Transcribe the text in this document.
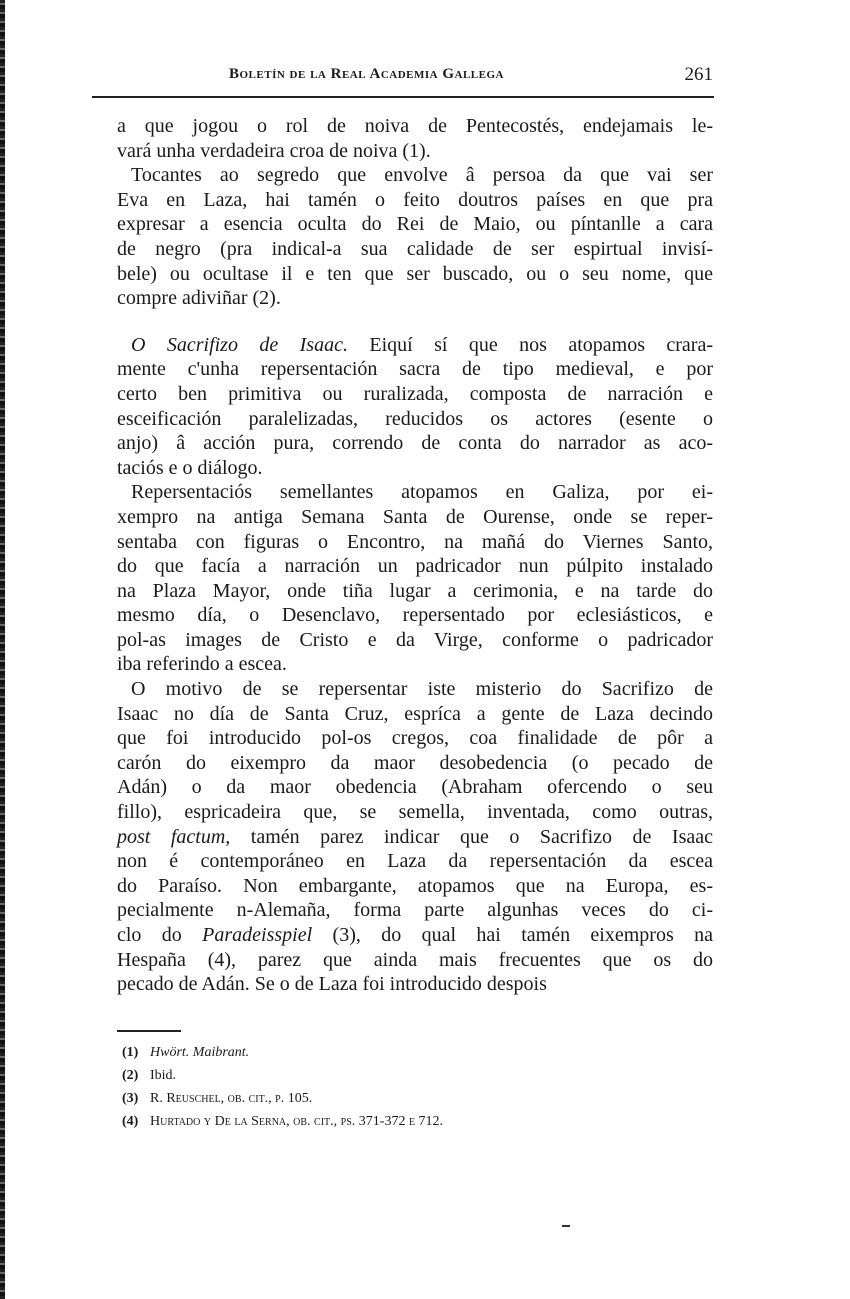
Boletín de la Real Academia Gallega	261
a que jogou o rol de noiva de Pentecostés, endejamais le-
vará unha verdadeira croa de noiva (1).
Tocantes ao segredo que envolve â persoa da que vai ser
Eva en Laza, hai tamén o feito doutros países en que pra
expresar a esencia oculta do Rei de Maio, ou píntanlle a cara
de negro (pra indical-a sua calidade de ser espirtual invisí-
bele) ou ocultase il e ten que ser buscado, ou o seu nome, que
compre adiviñar (2).
O Sacrifizo de Isaac. Eiquí sí que nos atopamos crara-
mente c'unha repersentación sacra de tipo medieval, e por
certo ben primitiva ou ruralizada, composta de narración e
esceificación paralelizadas, reducidos os actores (esente o
anjo) â acción pura, correndo de conta do narrador as aco-
taciós e o diálogo.
Repersentaciós semellantes atopamos en Galiza, por ei-
xempro na antiga Semana Santa de Ourense, onde se reper-
sentaba con figuras o Encontro, na mañá do Viernes Santo,
do que facía a narración un padricador nun púlpito instalado
na Plaza Mayor, onde tiña lugar a cerimonia, e na tarde do
mesmo día, o Desenclavo, repersentado por eclesiásticos, e
pol-as images de Cristo e da Virge, conforme o padricador
iba referindo a escea.
O motivo de se repersentar iste misterio do Sacrifizo de
Isaac no día de Santa Cruz, espríca a gente de Laza decindo
que foi introducido pol-os cregos, coa finalidade de pôr a
carón do eixempro da maor desobedencia (o pecado de
Adán) o da maor obedencia (Abraham ofercendo o seu
fillo), espricadeira que, se semella, inventada, como outras,
post factum, tamén parez indicar que o Sacrifizo de Isaac
non é contemporáneo en Laza da repersentación da escea
do Paraíso. Non embargante, atopamos que na Europa, es-
pecialmente n-Alemaña, forma parte algunhas veces do ci-
clo do Paradeisspiel (3), do qual hai tamén eixempros na
Hespaña (4), parez que ainda mais frecuentes que os do
pecado de Adán. Se o de Laza foi introducido despois
(1) Hwört. Maibrant.
(2) Ibid.
(3) R. Reuschel, ob. cit., p. 105.
(4) Hurtado y De la Serna, ob. cit., ps. 371-372 e 712.
